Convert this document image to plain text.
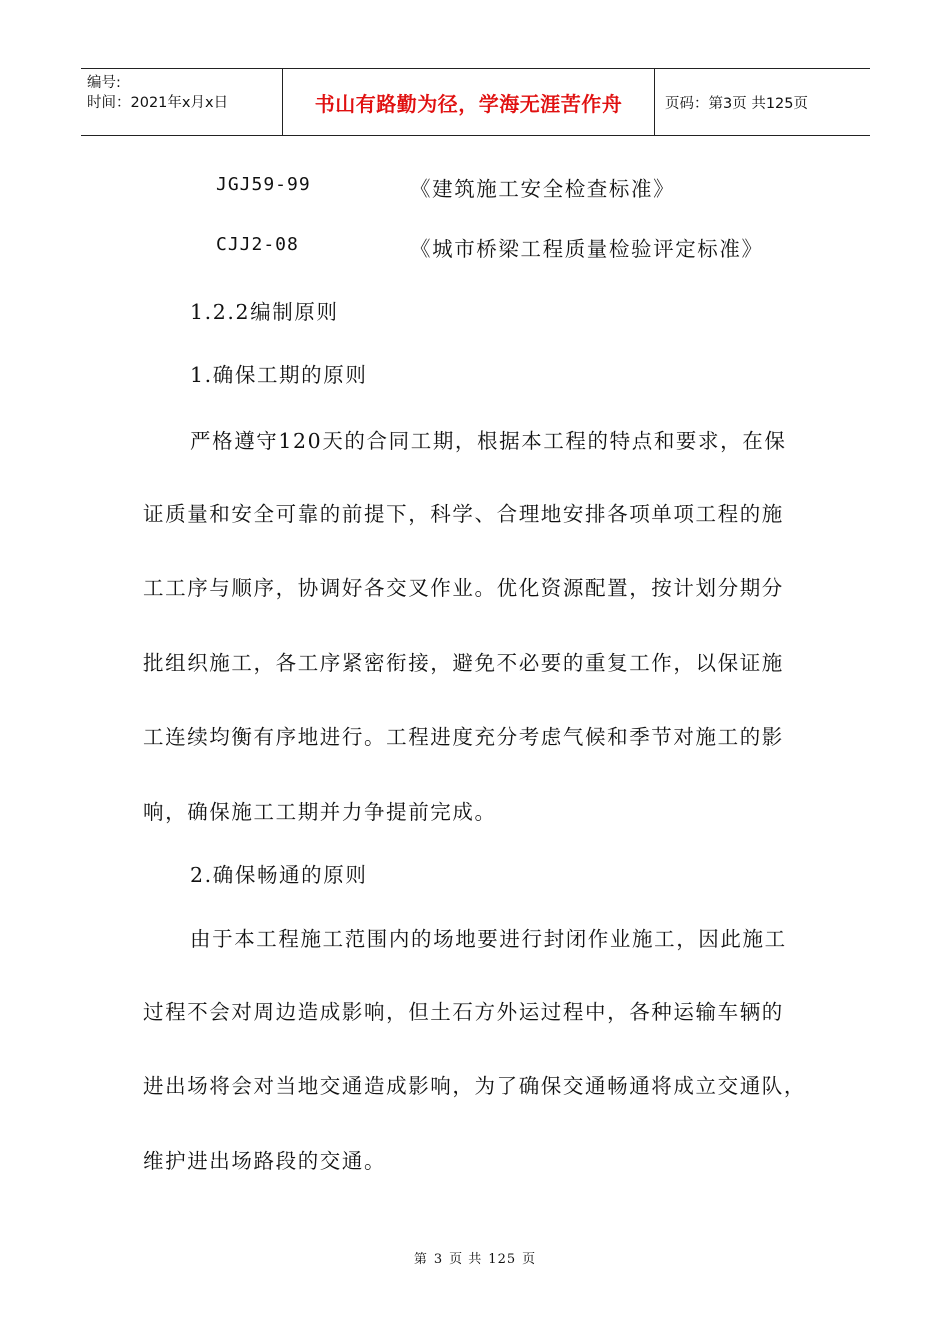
编号:
时间：2021年x月x日	书山有路勤为径，学海无涯苦作舟	页码：第3页 共125页
JGJ59-99	《建筑施工安全检查标准》
CJJ2-08	《城市桥梁工程质量检验评定标准》
1.2.2编制原则
1.确保工期的原则
严格遵守120天的合同工期，根据本工程的特点和要求，在保
证质量和安全可靠的前提下，科学、合理地安排各项单项工程的施
工工序与顺序，协调好各交叉作业。优化资源配置，按计划分期分
批组织施工，各工序紧密衔接，避免不必要的重复工作，以保证施
工连续均衡有序地进行。工程进度充分考虑气候和季节对施工的影
响，确保施工工期并力争提前完成。
2.确保畅通的原则
由于本工程施工范围内的场地要进行封闭作业施工，因此施工
过程不会对周边造成影响，但土石方外运过程中，各种运输车辆的
进出场将会对当地交通造成影响，为了确保交通畅通将成立交通队，
维护进出场路段的交通。
第 3 页 共 125 页
